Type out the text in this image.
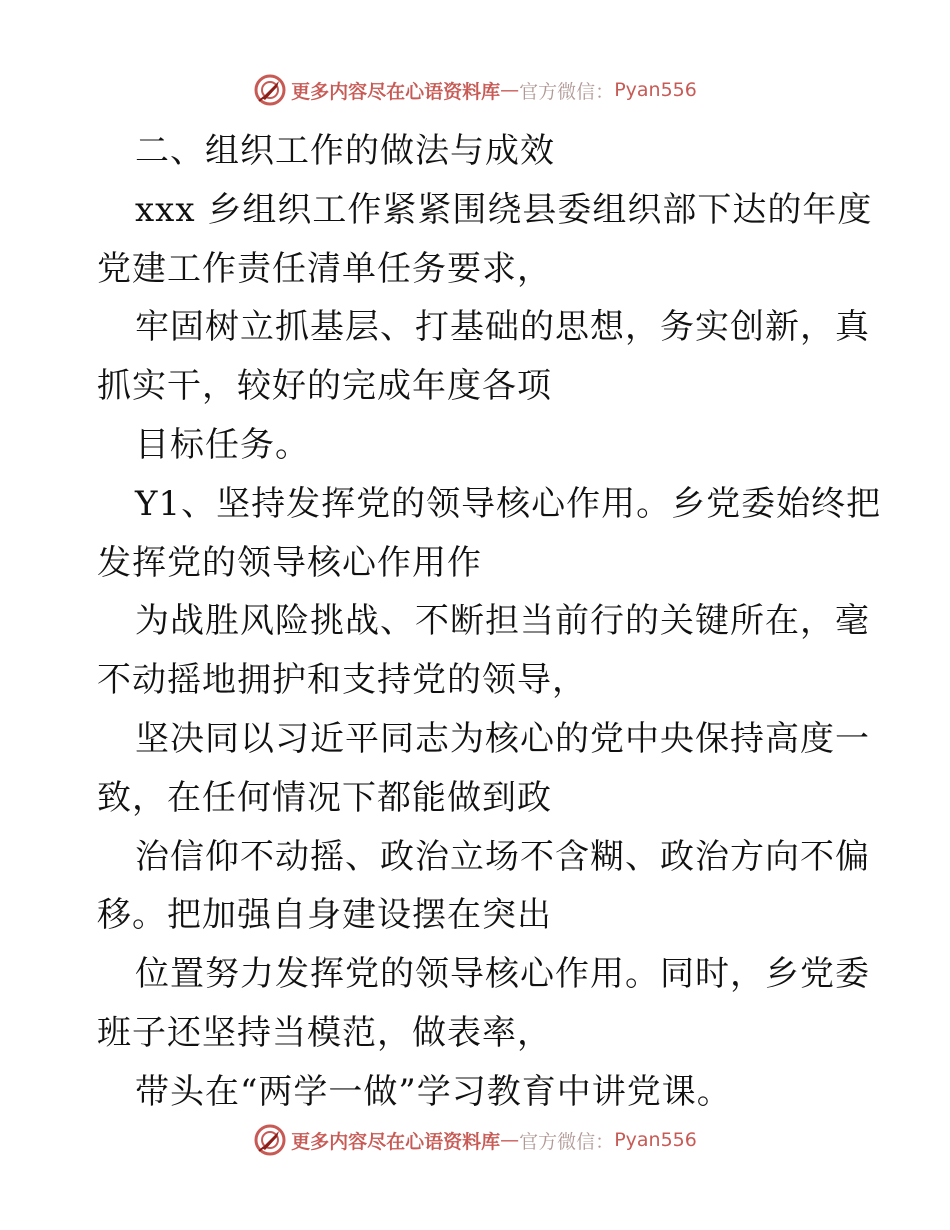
更多内容尽在心语资料库 — 官方微信： Pyan556
二、组织工作的做法与成效
xxx 乡组织工作紧紧围绕县委组织部下达的年度
党建工作责任清单任务要求，
牢固树立抓基层、打基础的思想，务实创新，真
抓实干，较好的完成年度各项
目标任务。
Y1、坚持发挥党的领导核心作用。乡党委始终把
发挥党的领导核心作用作
为战胜风险挑战、不断担当前行的关键所在，毫
不动摇地拥护和支持党的领导，
坚决同以习近平同志为核心的党中央保持高度一
致，在任何情况下都能做到政
治信仰不动摇、政治立场不含糊、政治方向不偏
移。把加强自身建设摆在突出
位置努力发挥党的领导核心作用。同时，乡党委
班子还坚持当模范，做表率，
带头在“两学一做”学习教育中讲党课。
更多内容尽在心语资料库 — 官方微信： Pyan556
